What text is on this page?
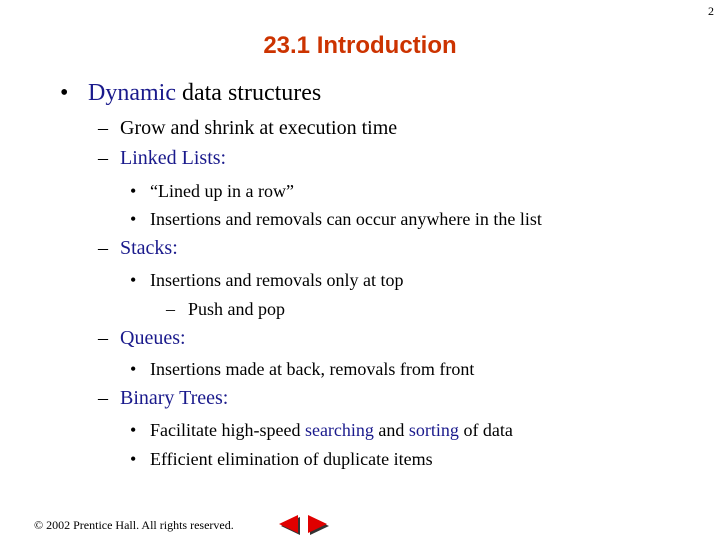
2
23.1 Introduction
• Dynamic data structures
– Grow and shrink at execution time
– Linked Lists:
• “Lined up in a row”
• Insertions and removals can occur anywhere in the list
– Stacks:
• Insertions and removals only at top
– Push and pop
– Queues:
• Insertions made at back, removals from front
– Binary Trees:
• Facilitate high-speed searching and sorting of data
• Efficient elimination of duplicate items
© 2002 Prentice Hall. All rights reserved.
